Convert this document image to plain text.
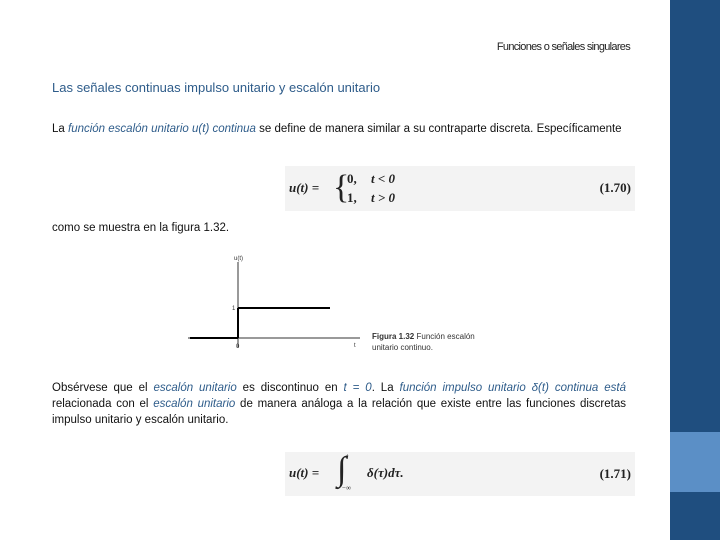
Funciones o señales singulares
Las señales continuas impulso unitario y escalón unitario
La función escalón unitario u(t) continua se define de manera similar a su contraparte discreta. Específicamente
u(t) = {
0, t < 0
1, t > 0
(1.70)
como se muestra en la figura 1.32.
u(t)
1
0	t
Figura 1.32 Función escalón
unitario continuo.
Obsérvese que el escalón unitario es discontinuo en t = 0. La función impulso unitario δ(t) continua está relacionada con el escalón unitario de manera análoga a la relación que existe entre las funciones discretas impulso unitario y escalón unitario.
u(t) = ∫ t
−∞
δ(τ)dτ.	(1.71)
